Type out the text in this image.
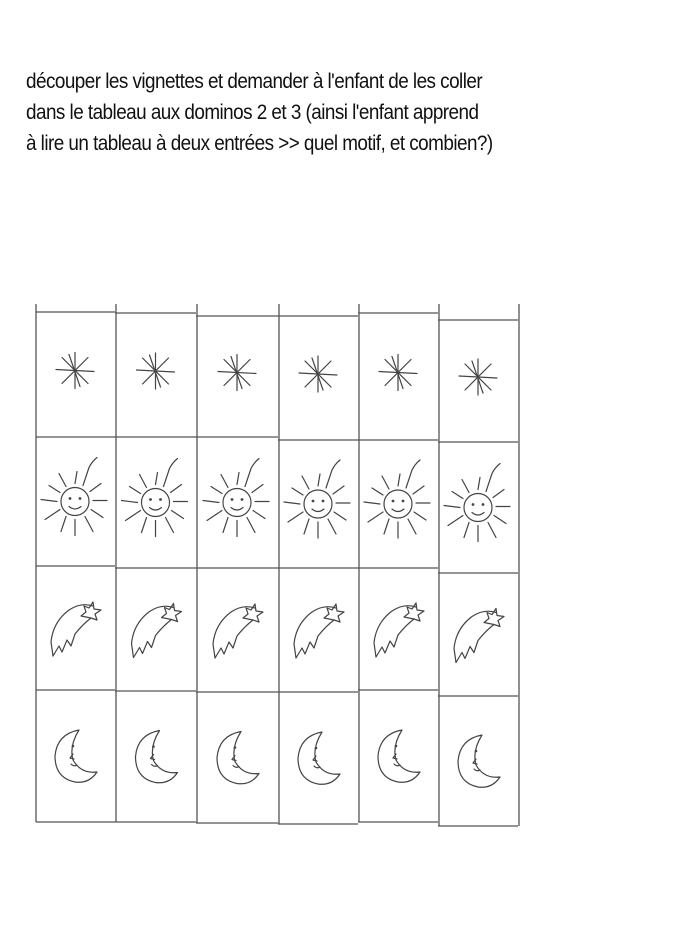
découper les vignettes et demander à l'enfant de les coller

dans le tableau aux dominos 2 et 3 (ainsi l'enfant apprend

à lire un tableau à deux entrées >> quel motif, et combien?)
